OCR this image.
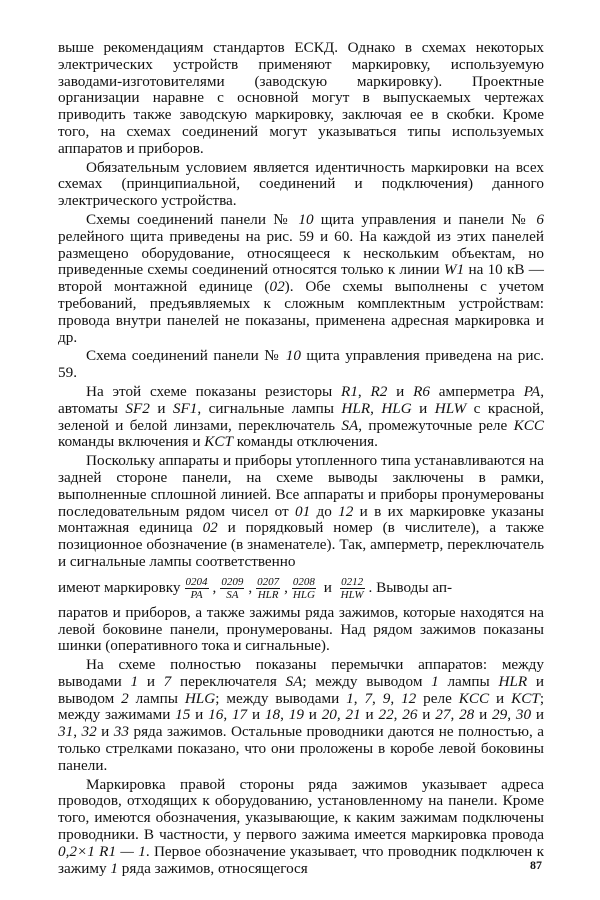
выше рекомендациям стандартов ЕСКД. Однако в схемах некоторых электрических устройств применяют маркировку, используемую заводами-изготовителями (заводскую маркировку). Проектные организации наравне с основной могут в выпускаемых чертежах приводить также заводскую маркировку, заключая ее в скобки. Кроме того, на схемах соединений могут указываться типы используемых аппаратов и приборов.

Обязательным условием является идентичность маркировки на всех схемах (принципиальной, соединений и подключения) данного электрического устройства.

Схемы соединений панели № 10 щита управления и панели № 6 релейного щита приведены на рис. 59 и 60. На каждой из этих панелей размещено оборудование, относящееся к нескольким объектам, но приведенные схемы соединений относятся только к линии W1 на 10 кВ — второй монтажной единице (02). Обе схемы выполнены с учетом требований, предъявляемых к сложным комплектным устройствам: провода внутри панелей не показаны, применена адресная маркировка и др.

Схема соединений панели № 10 щита управления приведена на рис. 59.

На этой схеме показаны резисторы R1, R2 и R6 амперметра PA, автоматы SF2 и SF1, сигнальные лампы HLR, HLG и HLW с красной, зеленой и белой линзами, переключатель SA, промежуточные реле KCC команды включения и KCT команды отключения.

Поскольку аппараты и приборы утопленного типа устанавливаются на задней стороне панели, на схеме выводы заключены в рамки, выполненные сплошной линией. Все аппараты и приборы пронумерованы последовательным рядом чисел от 01 до 12 и в их маркировке указаны монтажная единица 02 и порядковый номер (в числителе), а также позиционное обозначение (в знаменателе). Так, амперметр, переключатель и сигнальные лампы соответственно

имеют маркировку $\frac{0204}{PA}$ , $\frac{0209}{SA}$ , 0207
HLR , 0208
HLG и 0212
HLW . Выводы ап-

паратов и приборов, а также зажимы ряда зажимов, которые находятся на левой боковине панели, пронумерованы. Над рядом зажимов показаны шинки (оперативного тока и сигнальные).

На схеме полностью показаны перемычки аппаратов: между выводами 1 и 7 переключателя SA; между выводом 1 лампы HLR и выводом 2 лампы HLG; между выводами 1, 7, 9, 12 реле KCC и KCT; между зажимами 15 и 16, 17 и 18, 19 и 20, 21 и 22, 26 и 27, 28 и 29, 30 и 31, 32 и 33 ряда зажимов. Остальные проводники даются не полностью, а только стрелками показано, что они проложены в коробе левой боковины панели.

Маркировка правой стороны ряда зажимов указывает адреса проводов, отходящих к оборудованию, установленному на панели. Кроме того, имеются обозначения, указывающие, к каким зажимам подключены проводники. В частности, у первого зажима имеется маркировка провода 0,2×1 R1 — 1. Первое обозначение указывает, что проводник подключен к зажиму 1 ряда зажимов, относящегося	87
